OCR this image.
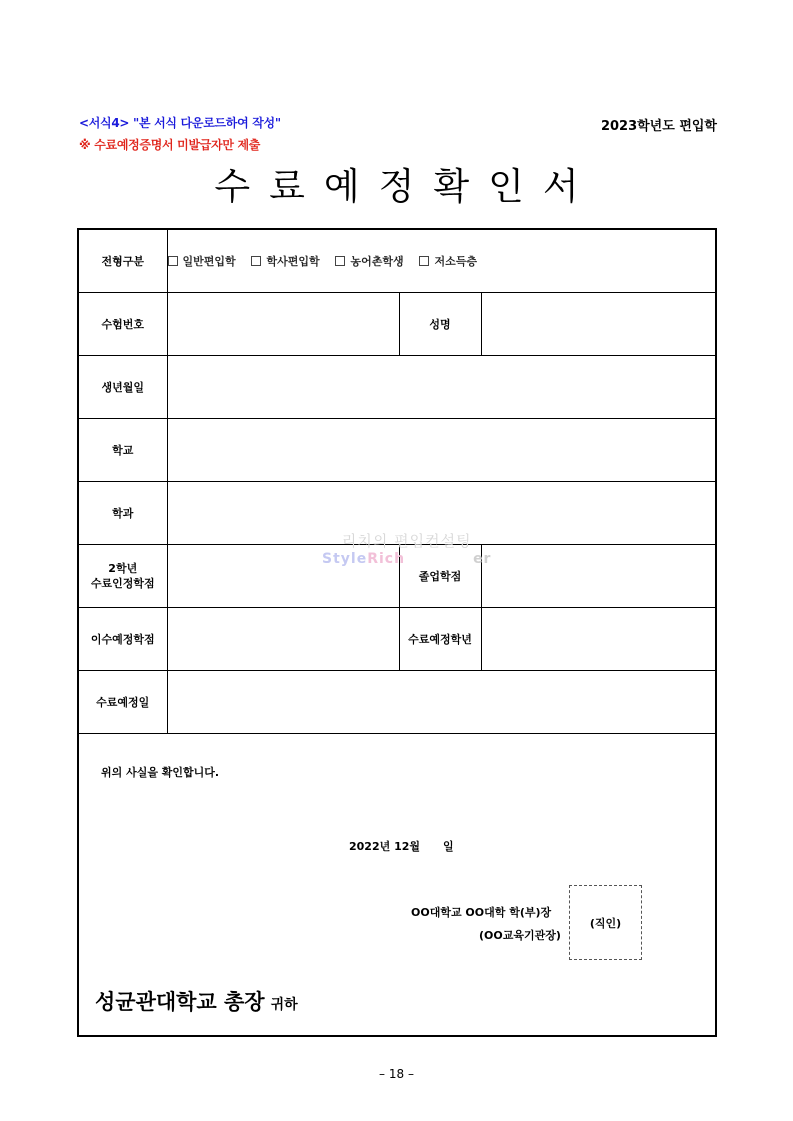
<서식4> "본 서식 다운로드하여 작성"
※ 수료예정증명서 미발급자만 제출
2023학년도 편입학
수료예정확인서
전형구분	일반편입학 학사편입학 농어촌학생 저소득층		
수험번호		성명	
생년월일			
학교			
학과			

2학년
수료인정학점		졸업학점	
이수예정학점		수료예정학년	
수료예정일			
위의 사실을 확인합니다.
2022년 12월      일
OO대학교 OO대학 학(부)장
(OO교육기관장)
(직인)
성균관대학교 총장 귀하
리치의 편입컨설팅
StyleRich	er
– 18 –
